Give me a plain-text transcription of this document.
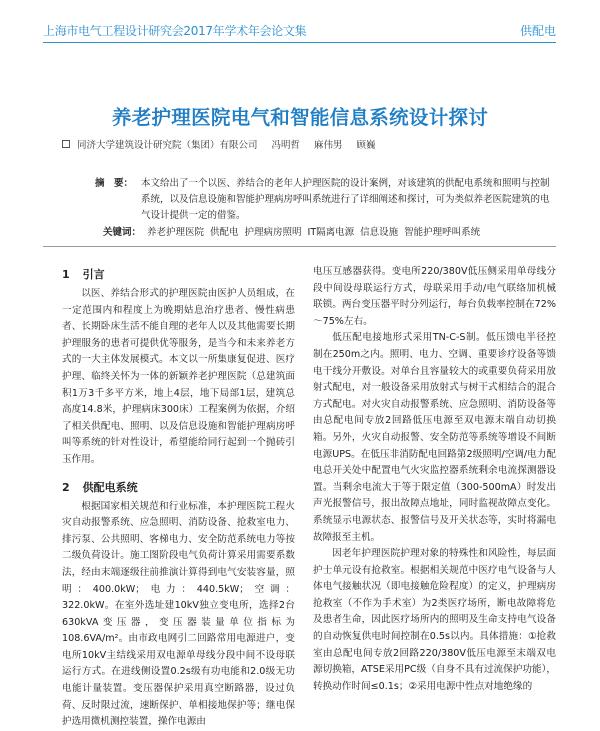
上海市电气工程设计研究会2017年学术年会论文集	供配电
养老护理医院电气和智能信息系统设计探讨
同济大学建筑设计研究院（集团）有限公司 冯明哲 麻伟男 顾巍
摘　要： 本文给出了一个以医、养结合的老年人护理医院的设计案例，对该建筑的供配电系统和照明与控制系统，以及信息设施和智能护理病房呼叫系统进行了详细阐述和探讨，可为类似养老医院建筑的电气设计提供一定的借鉴。
关键词： 养老护理医院 供配电 护理病房照明 IT隔离电源 信息设施 智能护理呼叫系统
1 引言

以医、养结合形式的护理医院由医护人员组成，在一定范围内和程度上为晚期姑息治疗患者、慢性病患者、长期卧床生活不能自理的老年人以及其他需要长期护理服务的患者可提供优等服务，是当今和未来养老方式的一大主体发展模式。本文以一所集康复促进、医疗护理、临终关怀为一体的新颖养老护理医院（总建筑面积1万3千多平方米，地上4层，地下局部1层，建筑总高度14.8米，护理病床300床）工程案例为依据，介绍了相关供配电、照明、以及信息设施和智能护理病房呼叫等系统的针对性设计，希望能给同行起到一个抛砖引玉作用。

2 供配电系统

根据国家相关规范和行业标准，本护理医院工程火灾自动报警系统、应急照明、消防设备、抢救室电力、排污泵、公共照明、客梯电力、安全防范系统电力等按二级负荷设计。施工图阶段电气负荷计算采用需要系数法，经由末端逐级往前推演计算得到电气安装容量，照明：400.0kW；电力：440.5kW；空调：322.0kW。在室外选址建10kV独立变电所，选择2台630kVA变压器，变压器装量单位指标为108.6VA/m²。由市政电网引二回路常用电源进户，变电所10kV主结线采用双电源单母线分段中间不设母联运行方式。在进线侧设置0.2s级有功电能和2.0级无功电能计量装置。变压器保护采用真空断路器，设过负荷、反时限过流，速断保护、单相接地保护等；继电保护选用微机测控装置，操作电源由

电压互感器获得。变电所220/380V低压侧采用单母线分段中间设母联运行方式，母联采用手动/电气联络加机械联锁。两台变压器平时分列运行，每台负载率控制在72%～75%左右。

低压配电接地形式采用TN-C-S制。低压馈电半径控制在250m之内。照明、电力、空调、重要诊疗设备等馈电干线分开敷设。对单台且容量较大的或重要负荷采用放射式配电，对一般设备采用放射式与树干式相结合的混合方式配电。对火灾自动报警系统、应急照明、消防设备等由总配电间专放2回路低压电源至双电源末端自动切换箱。另外，火灾自动报警、安全防范等系统等增设不间断电源UPS。在低压非消防配电回路第2级照明/空调/电力配电总开关处中配置电气火灾监控器系统剩余电流探测器设置。当剩余电流大于等于限定值（300-500mA）时发出声光报警信号，报出故障点地址，同时监视故障点变化。系统显示电源状态、报警信号及开关状态等，实时将漏电故障报至主机。

因老年护理医院护理对象的特殊性和风险性，每层面护士单元设有抢救室。根据相关规范中医疗电气设备与人体电气接触状况（即电接触危险程度）的定义，护理病房抢救室（不作为手术室）为2类医疗场所，断电故障将危及患者生命，因此医疗场所内的照明及生命支持电气设备的自动恢复供电时间控制在0.5s以内。具体措施：①抢救室由总配电间专放2回路220/380V低压电源至末端双电源切换箱，ATSE采用PC级（自身不具有过流保护功能），转换动作时间≤0.1s；②采用电源中性点对地绝缘的
